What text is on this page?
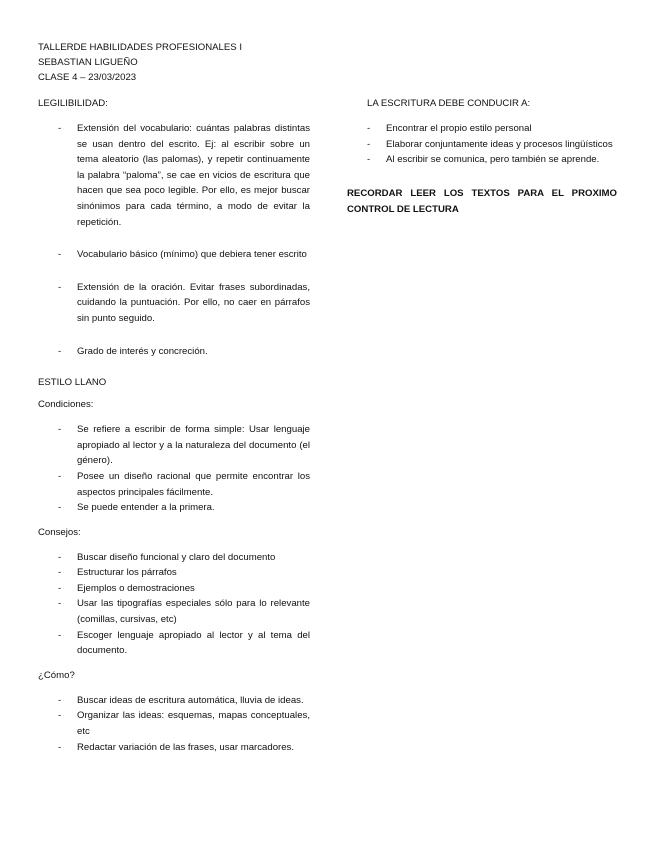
TALLERDE HABILIDADES PROFESIONALES I
SEBASTIAN LIGUEÑO
CLASE 4 – 23/03/2023

LEGILIBILIDAD:

- Extensión del vocabulario: cuántas palabras distintas se usan dentro del escrito. Ej: al escribir sobre un tema aleatorio (las palomas), y repetir continuamente la palabra “paloma”, se cae en vicios de escritura que hacen que sea poco legible. Por ello, es mejor buscar sinónimos para cada término, a modo de evitar la repetición.
- Vocabulario básico (mínimo) que debiera tener escrito
- Extensión de la oración. Evitar frases subordinadas, cuidando la puntuación. Por ello, no caer en párrafos sin punto seguido.
- Grado de interés y concreción.

ESTILO LLANO

Condiciones:

- Se refiere a escribir de forma simple: Usar lenguaje apropiado al lector y a la naturaleza del documento (el género).
- Posee un diseño racional que permite encontrar los aspectos principales fácilmente.
- Se puede entender a la primera.

Consejos:

- Buscar diseño funcional y claro del documento
- Estructurar los párrafos
- Ejemplos o demostraciones
- Usar las tipografías especiales sólo para lo relevante (comillas, cursivas, etc)
- Escoger lenguaje apropiado al lector y al tema del documento.

¿Cómo?

- Buscar ideas de escritura automática, lluvia de ideas.
- Organizar las ideas: esquemas, mapas conceptuales, etc
- Redactar variación de las frases, usar marcadores.

LA ESCRITURA DEBE CONDUCIR A:

- Encontrar el propio estilo personal
- Elaborar conjuntamente ideas y procesos lingüísticos
- Al escribir se comunica, pero también se aprende.

RECORDAR LEER LOS TEXTOS PARA EL PROXIMO CONTROL DE LECTURA
